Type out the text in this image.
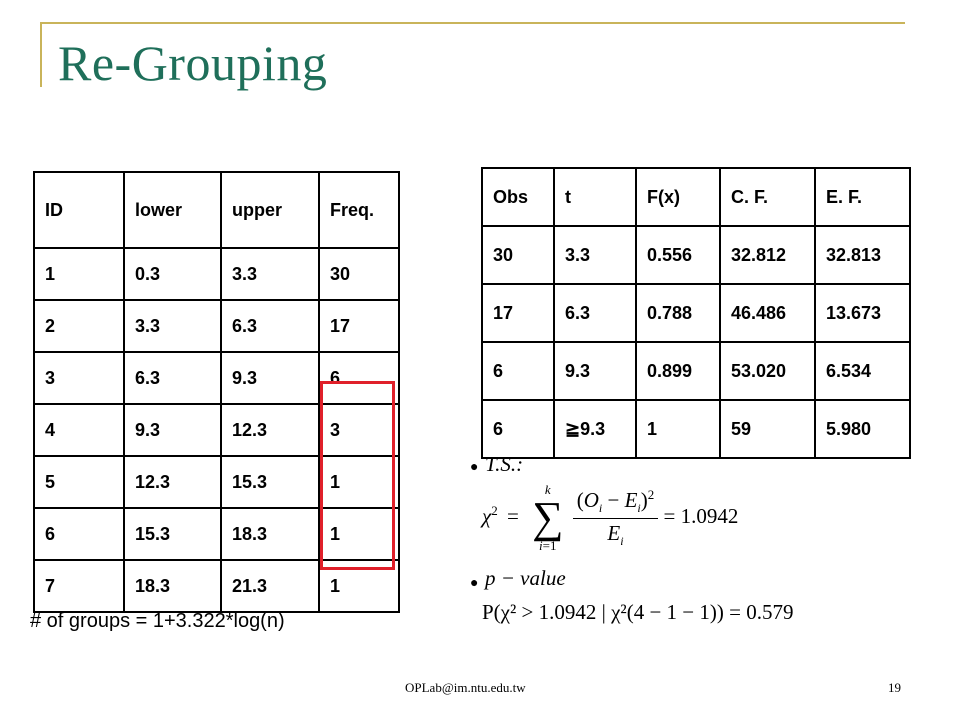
Re-Grouping
ID	lower	upper	Freq.
1	0.3	3.3	30
2	3.3	6.3	17
3	6.3	9.3	6
4	9.3	12.3	3
5	12.3	15.3	1
6	15.3	18.3	1
7	18.3	21.3	1
Obs	t	F(x)	C. F.	E. F.
30	3.3	0.556	32.812	32.813
17	6.3	0.788	46.486	13.673
6	9.3	0.899	53.020	6.534
6	≧9.3	1	59	5.980
● T.S.:
$\chi^2$ =
k
∑
i=1
$\frac{(O_i - E_i)^2}{E_i} = 1.0942$
● p − value
P(χ² > 1.0942 | χ²(4 − 1 − 1)) = 0.579
# of groups = 1+3.322*log(n)
OPLab@im.ntu.edu.tw	19
